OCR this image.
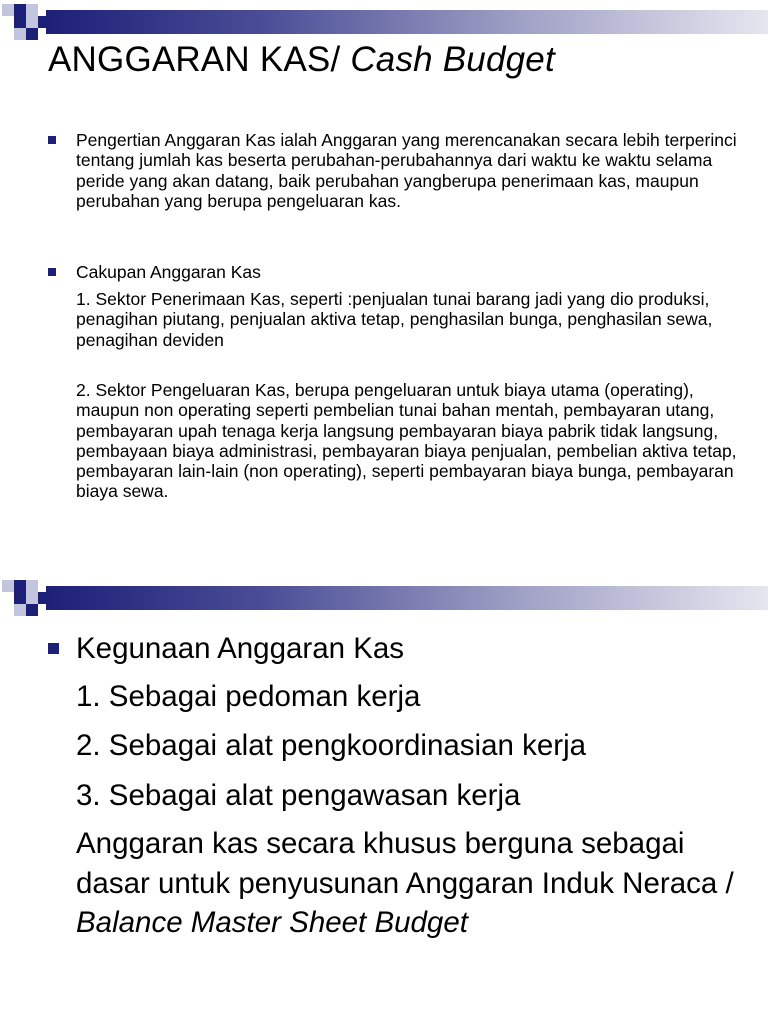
ANGGARAN KAS/ Cash Budget

Pengertian Anggaran Kas ialah Anggaran yang merencanakan secara lebih terperinci tentang jumlah kas beserta perubahan-perubahannya dari waktu ke waktu selama peride yang akan datang, baik perubahan yangberupa penerimaan kas, maupun perubahan yang berupa pengeluaran kas.

Cakupan Anggaran Kas

1. Sektor Penerimaan Kas, seperti :penjualan tunai barang jadi yang dio produksi, penagihan piutang, penjualan aktiva tetap, penghasilan bunga, penghasilan sewa, penagihan deviden

2. Sektor Pengeluaran Kas, berupa pengeluaran untuk biaya utama (operating), maupun non operating seperti pembelian tunai bahan mentah, pembayaran utang, pembayaran upah tenaga kerja langsung pembayaran biaya pabrik tidak langsung, pembayaan biaya administrasi, pembayaran biaya penjualan, pembelian aktiva tetap, pembayaran lain-lain (non operating), seperti pembayaran biaya bunga, pembayaran biaya sewa.

Kegunaan Anggaran Kas

1. Sebagai pedoman kerja

2. Sebagai alat pengkoordinasian kerja

3. Sebagai alat pengawasan kerja

Anggaran kas secara khusus berguna sebagai dasar untuk penyusunan Anggaran Induk Neraca / Balance Master Sheet Budget
